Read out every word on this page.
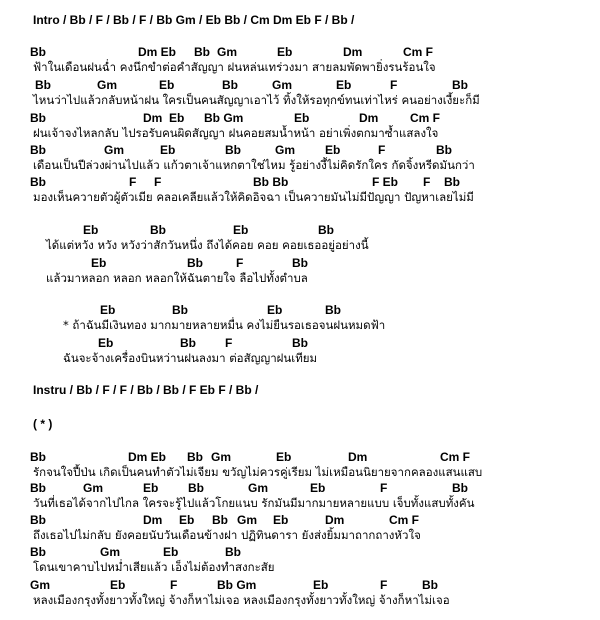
Intro / Bb / F / Bb / F / Bb Gm / Eb Bb / Cm Dm Eb F / Bb /
Instru / Bb / F / F / Bb / Bb / F Eb F / Bb /
( * )
Bb	Dm Eb Bb Gm	Eb	Dm	Cm F
ฟ้าในเดือนฝนฉ่ำ คงนึกขำต่อคำสัญญา ฝนหล่นเทร่วงมา สายลมพัดพายิ่งรนร้อนใจ
Bb	Gm	Eb	Bb	Gm	Eb	F	Bb
ไหนว่าไปแล้วกลับหน้าฝน ใครเป็นคนสัญญาเอาไว้ ทิ้งให้รอทุกข์ทนเท่าไหร่ คนอย่างเงี้ยะก็มี
Bb	Dm Eb Bb Gm	Eb	Dm	Cm F
ฝนเจ้าจงไหลกลับ ไปรอรับคนผิดสัญญา ฝนคอยสมน้ำหน้า อย่าเพิ่งตกมาซ้ำแสลงใจ
Bb	Gm	Eb	Bb	Gm Eb	F	Bb
เดือนเป็นปีล่วงผ่านไปแล้ว แก้วตาเจ้าแหกตาใช่ไหม รู้อย่างงี้ไม่คิดรักใคร กัดจิ้งหรีดมันกว่า
Bb	F F	Bb Bb	F Eb F Bb
มองเห็นควายตัวผู้ตัวเมีย คลอเคลียแล้วให้คิดอิจฉา เป็นควายมันไม่มีปัญญา ปัญหาเลยไม่มี
Eb	Bb	Eb	Bb
ได้แต่หวัง หวัง หวังว่าสักวันหนึ่ง ถึงได้คอย คอย คอยเธออยู่อย่างนี้
Eb	Bb	F	Bb
แล้วมาหลอก หลอก หลอกให้ฉันตายใจ ลือไปทั้งตำบล
Eb	Bb	Eb	Bb
* ถ้าฉันมีเงินทอง มากมายหลายหมื่น คงไม่ยืนรอเธอจนฝนหมดฟ้า
Eb	Bb F	Bb
ฉันจะจ้างเครื่องบินหว่านฝนลงมา ต่อสัญญาฝนเทียม
Bb	Dm Eb Bb Gm	Eb	Dm	Cm F
รักจนใจปี้ป่น เกิดเป็นคนทำตัวไม่เจียม ขวัญไม่ควรคู่เรียม ไม่เหมือนนิยายจากคลองแสนแสบ
Bb	Gm	Eb Bb	Gm	Eb	F	Bb
วันที่เธอได้จากไปไกล ใครจะรู้ไปแล้วโกยแนบ รักมันมีมากมายหลายแบบ เจ็บทั้งแสบทั้งคัน
Bb	Dm Eb Bb Gm Eb	Dm	Cm F
ถึงเธอไปไม่กลับ ยังคอยนับวันเดือนข้างฝา ปฏิทินดารา ยังส่งยิ้มมาถากถางหัวใจ
Bb	Gm	Eb	Bb
โดนเขาคาบไปหม่ำเสียแล้ว เอ็งไม่ต้องทำสงกะสัย
Gm	Eb	F	Bb Gm	Eb	F	Bb
หลงเมืองกรุงทั้งยาวทั้งใหญ่ จ้างก็หาไม่เจอ หลงเมืองกรุงทั้งยาวทั้งใหญ่ จ้างก็หาไม่เจอ
